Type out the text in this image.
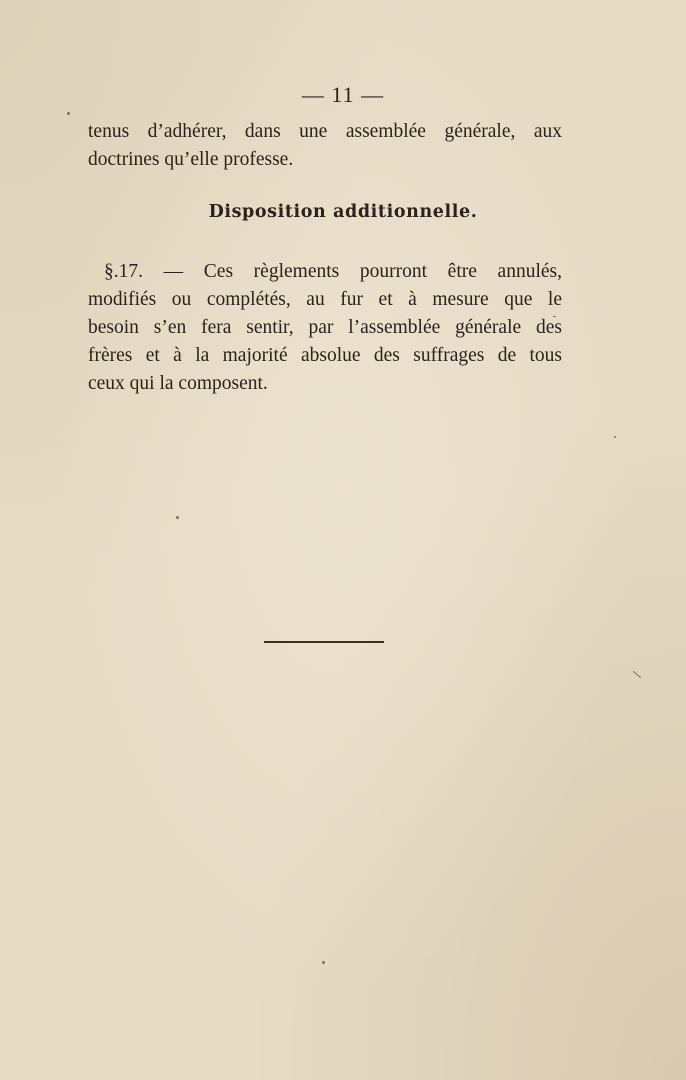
— 11 —
tenus d’adhérer, dans une assemblée générale, aux
doctrines qu’elle professe.
Disposition additionnelle.
§.17. — Ces règlements pourront être annulés,
modifiés ou complétés, au fur et à mesure que le
besoin s’en fera sentir, par l’assemblée générale des
frères et à la majorité absolue des suffrages de tous
ceux qui la composent.
